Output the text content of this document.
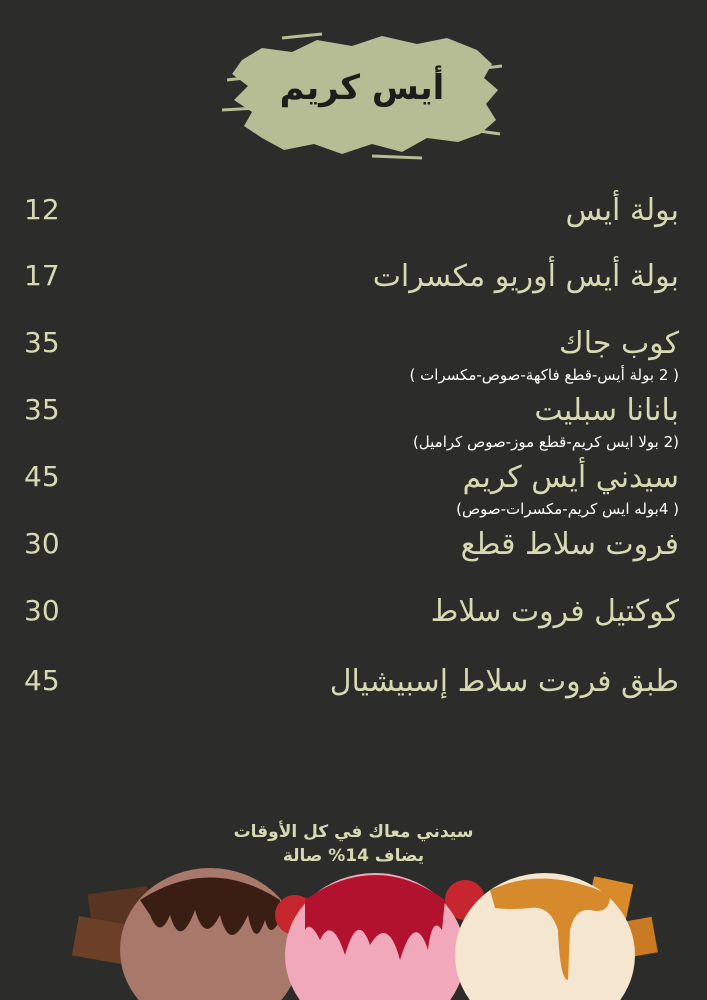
أيس كريم
بولة أيس
12
بولة أيس أوريو مكسرات
17
كوب جاك
( 2 بولة أيس-قطع فاكهة-صوص-مكسرات )
35
بانانا سبليت
(2 بولا ايس كريم-قطع موز-صوص كراميل)
35
سيدني أيس كريم
( 4بوله ايس كريم-مكسرات-صوص)
45
فروت سلاط قطع
30
كوكتيل فروت سلاط
30
طبق فروت سلاط إسبيشيال
45
سيدني معاك في كل الأوقات
يضاف 14% صالة
